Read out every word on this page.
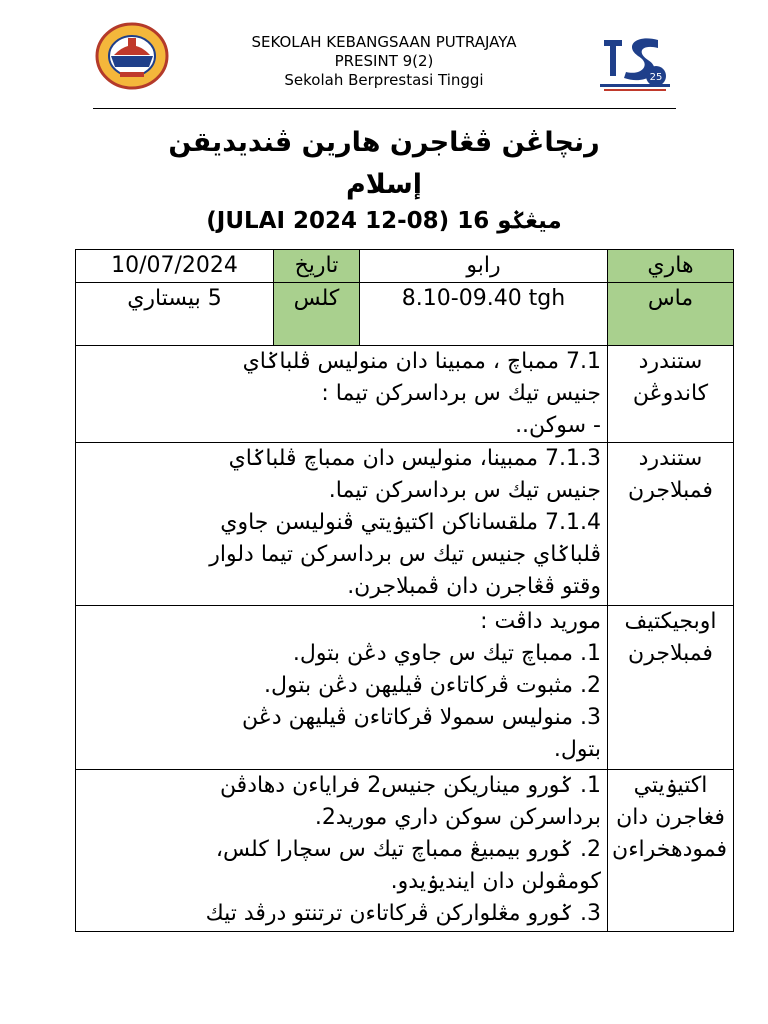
SEKOLAH KEBANGSAAN PUTRAJAYA
PRESINT 9(2)
Sekolah Berprestasi Tinggi	25
رنچاڠن ڤڠاجرن هارين ڤنديديقن
إسلام
ميڠݢو 16 (08-12 JULAI 2024)
10/07/2024	تاريخ	رابو	هاري
5 بيستاري	كلس	8.10-09.40 tgh	ماس

7.1 ممباچ ، ممبينا دان منوليس ڤلباݢاي

جنيس تيك س برداسركن تيما :

- سوكن..			ستندرد كاندوڠن

7.1.3 ممبينا، منوليس دان ممباچ ڤلباݢاي

جنيس تيك س برداسركن تيما.

7.1.4 ملقساناكن اكتيۏيتي ڤنوليسن جاوي

ڤلباݢاي جنيس تيك س برداسركن تيما دلوار

وقتو ڤڠاجرن دان ڤمبلاجرن.			ستندرد فمبلاجرن

موريد داڤت :

1. ممباچ تيك س جاوي دڠن بتول.

2. مثبوت ڤركاتاءن ڤيليهن دڠن بتول.

3. منوليس سمولا ڤركاتاءن ڤيليهن دڠن

بتول.			اوبجيكتيف فمبلاجرن

1. ݢورو ميناريكن جنيس2 فراياءن دهادڤن

برداسركن سوكن داري موريد2.

2. ݢورو بيمبيڠ ممباچ تيك س سچارا كلس،

كومڤولن دان اينديۏيدو.

3. ݢورو مڠلواركن ڤركاتاءن ترتنتو درڤد تيك			اكتيۏيتي فغاجرن دان فمودهخراءن
